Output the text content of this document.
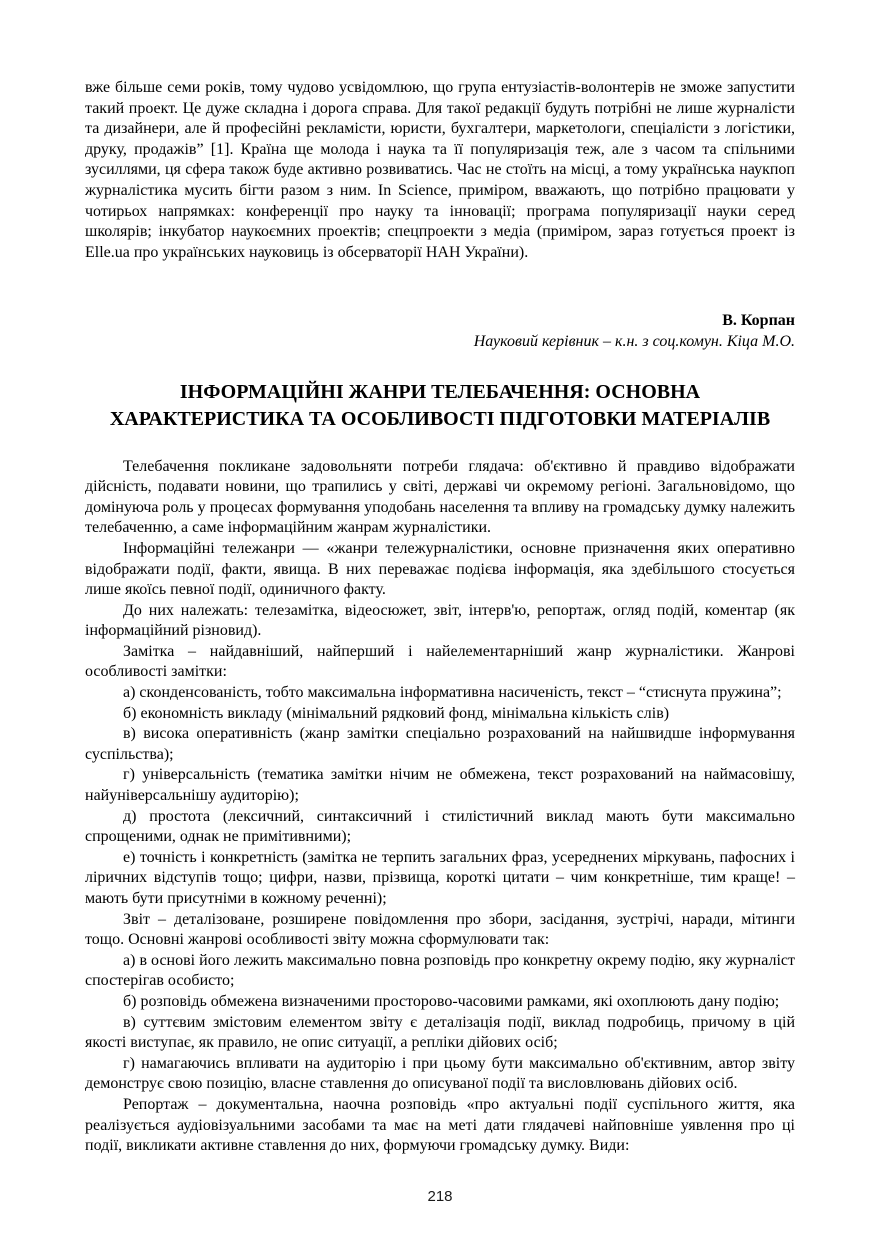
вже більше семи років, тому чудово усвідомлюю, що група ентузіастів-волонтерів не зможе запустити такий проект. Це дуже складна і дорога справа. Для такої редакції будуть потрібні не лише журналісти та дизайнери, але й професійні рекламісти, юристи, бухгалтери, маркетологи, спеціалісти з логістики, друку, продажів” [1]. Країна ще молода і наука та її популяризація теж, але з часом та спільними зусиллями, ця сфера також буде активно розвиватись. Час не стоїть на місці, а тому українська наукпоп журналістика мусить бігти разом з ним. In Science, приміром, вважають, що потрібно працювати у чотирьох напрямках: конференції про науку та інновації; програма популяризації науки серед школярів; інкубатор наукоємних проектів; спецпроекти з медіа (приміром, зараз готується проект із Elle.ua про українських науковиць із обсерваторії НАН України).

В. Корпан
Науковий керівник – к.н. з соц.комун. Кіца М.О.
ІНФОРМАЦІЙНІ ЖАНРИ ТЕЛЕБАЧЕННЯ: ОСНОВНА
ХАРАКТЕРИСТИКА ТА ОСОБЛИВОСТІ ПІДГОТОВКИ МАТЕРІАЛІВ

Телебачення покликане задовольняти потреби глядача: об'єктивно й правдиво відображати дійсність, подавати новини, що трапились у світі, державі чи окремому регіоні. Загальновідомо, що домінуюча роль у процесах формування уподобань населення та впливу на громадську думку належить телебаченню, а саме інформаційним жанрам журналістики.

Інформаційні тележанри — «жанри тележурналістики, основне призначення яких оперативно відображати події, факти, явища. В них переважає подієва інформація, яка здебільшого стосується лише якоїсь певної події, одиничного факту.

До них належать: телезамітка, відеосюжет, звіт, інтерв'ю, репортаж, огляд подій, коментар (як інформаційний різновид).

Замітка – найдавніший, найперший і найелементарніший жанр журналістики. Жанрові особливості замітки:

а) сконденсованість, тобто максимальна інформативна насиченість, текст – “стиснута пружина”;

б) економність викладу (мінімальний рядковий фонд, мінімальна кількість слів)

в) висока оперативність (жанр замітки спеціально розрахований на найшвидше інформування суспільства);

г) універсальність (тематика замітки нічим не обмежена, текст розрахований на наймасовішу, найуніверсальнішу аудиторію);

д) простота (лексичний, синтаксичний і стилістичний виклад мають бути максимально спрощеними, однак не примітивними);

е) точність і конкретність (замітка не терпить загальних фраз, усереднених міркувань, пафосних і ліричних відступів тощо; цифри, назви, прізвища, короткі цитати – чим конкретніше, тим краще! – мають бути присутніми в кожному реченні);

Звіт – деталізоване, розширене повідомлення про збори, засідання, зустрічі, наради, мітинги тощо. Основні жанрові особливості звіту можна сформулювати так:

а) в основі його лежить максимально повна розповідь про конкретну окрему подію, яку журналіст спостерігав особисто;

б) розповідь обмежена визначеними просторово-часовими рамками, які охоплюють дану подію;

в) суттєвим змістовим елементом звіту є деталізація події, виклад подробиць, причому в цій якості виступає, як правило, не опис ситуації, а репліки дійових осіб;

г) намагаючись впливати на аудиторію і при цьому бути максимально об'єктивним, автор звіту демонструє свою позицію, власне ставлення до описуваної події та висловлювань дійових осіб.

Репортаж – документальна, наочна розповідь «про актуальні події суспільного життя, яка реалізується аудіовізуальними засобами та має на меті дати глядачеві найповніше уявлення про ці події, викликати активне ставлення до них, формуючи громадську думку. Види:

218
